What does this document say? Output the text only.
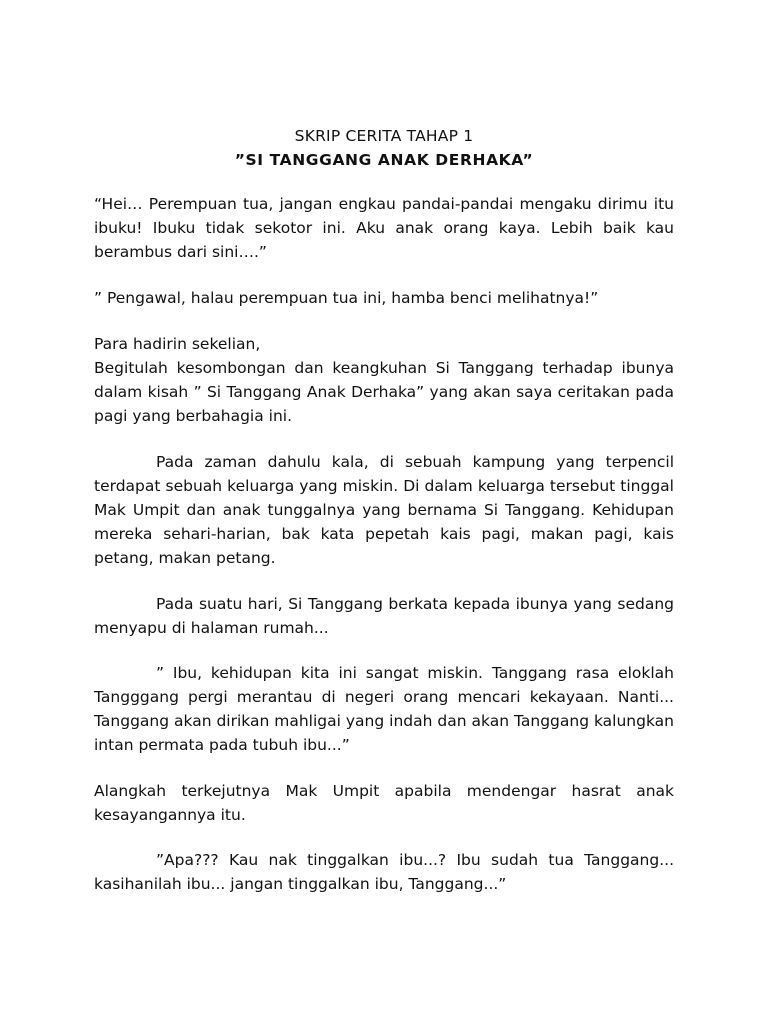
SKRIP CERITA TAHAP 1
”SI TANGGANG ANAK DERHAKA”

“Hei… Perempuan tua, jangan engkau pandai-pandai mengaku dirimu itu ibuku! Ibuku tidak sekotor ini. Aku anak orang kaya. Lebih baik kau berambus dari sini….”

” Pengawal, halau perempuan tua ini, hamba benci melihatnya!”

Para hadirin sekelian,

Begitulah kesombongan dan keangkuhan Si Tanggang terhadap ibunya dalam kisah ” Si Tanggang Anak Derhaka” yang akan saya ceritakan pada pagi yang berbahagia ini.

Pada zaman dahulu kala, di sebuah kampung yang terpencil terdapat sebuah keluarga yang miskin. Di dalam keluarga tersebut tinggal Mak Umpit dan anak tunggalnya yang bernama Si Tanggang. Kehidupan mereka sehari-harian, bak kata pepetah kais pagi, makan pagi, kais petang, makan petang.

Pada suatu hari, Si Tanggang berkata kepada ibunya yang sedang menyapu di halaman rumah...

” Ibu, kehidupan kita ini sangat miskin. Tanggang rasa eloklah Tangggang pergi merantau di negeri orang mencari kekayaan. Nanti... Tanggang akan dirikan mahligai yang indah dan akan Tanggang kalungkan intan permata pada tubuh ibu...”

Alangkah terkejutnya Mak Umpit apabila mendengar hasrat anak kesayangannya itu.

”Apa??? Kau nak tinggalkan ibu...? Ibu sudah tua Tanggang... kasihanilah ibu... jangan tinggalkan ibu, Tanggang...”
